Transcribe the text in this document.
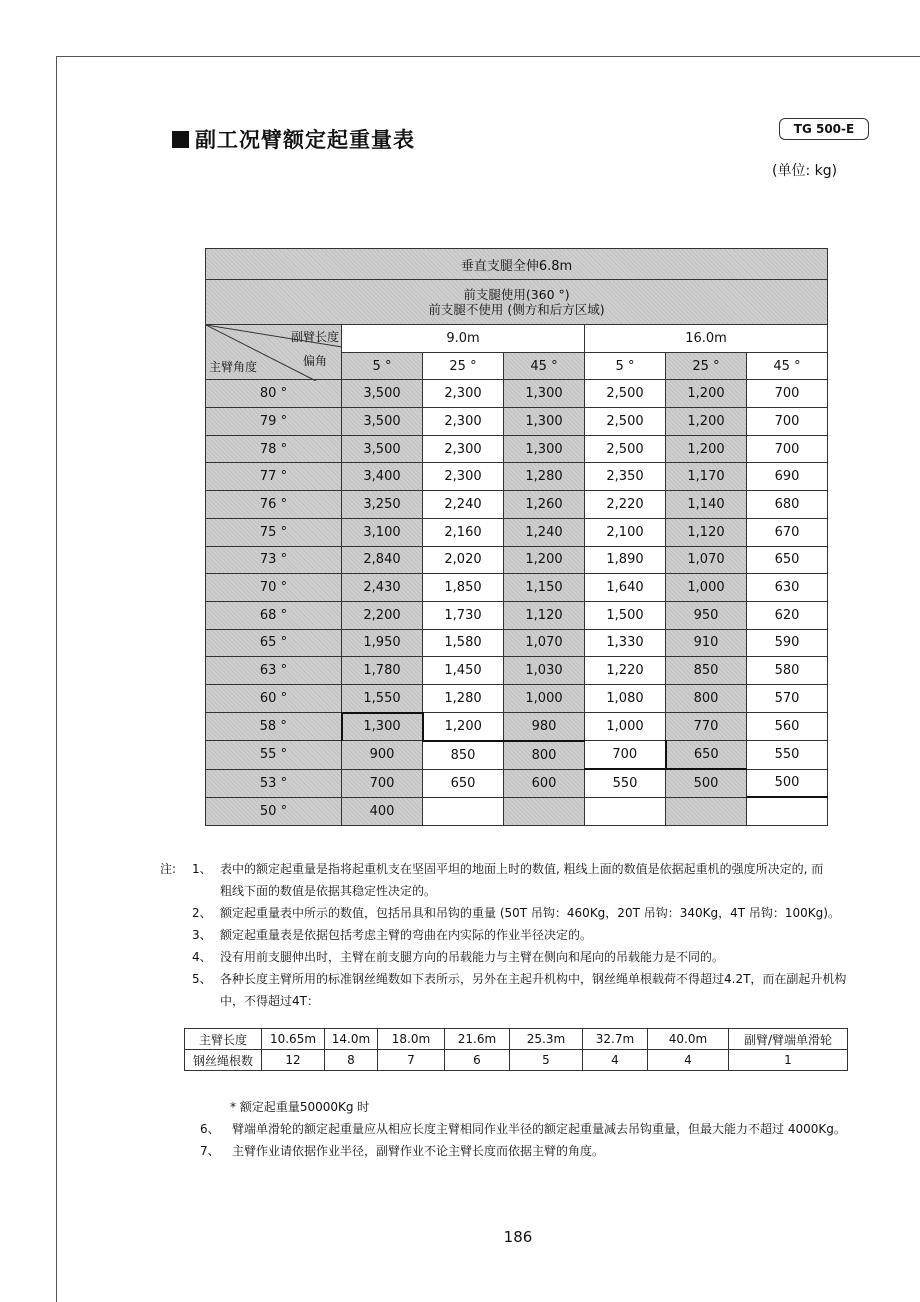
副工况臂额定起重量表	TG 500-E
(单位: kg)
垂直支腿全伸6.8m						

前支腿使用(360 °)
前支腿不使用 (侧方和后方区域)						

副臂长度
偏角
主臂角度	9.0m			16.0m		
	5 °	25 °	45 °	5 °	25 °	45 °
80 °	3,500	2,300	1,300	2,500	1,200	700
79 °	3,500	2,300	1,300	2,500	1,200	700
78 °	3,500	2,300	1,300	2,500	1,200	700
77 °	3,400	2,300	1,280	2,350	1,170	690
76 °	3,250	2,240	1,260	2,220	1,140	680
75 °	3,100	2,160	1,240	2,100	1,120	670
73 °	2,840	2,020	1,200	1,890	1,070	650
70 °	2,430	1,850	1,150	1,640	1,000	630
68 °	2,200	1,730	1,120	1,500	950	620
65 °	1,950	1,580	1,070	1,330	910	590
63 °	1,780	1,450	1,030	1,220	850	580
60 °	1,550	1,280	1,000	1,080	800	570
58 °	1,300	1,200	980	1,000	770	560
55 °	900	850	800	700	650	550
53 °	700	650	600	550	500	500
50 °	400					
注:	1、 表中的额定起重量是指将起重机支在坚固平坦的地面上时的数值, 粗线上面的数值是依据起重机的强度所决定的, 而
粗线下面的数值是依据其稳定性决定的。
2、 额定起重量表中所示的数值，包括吊具和吊钩的重量 (50T 吊钩：460Kg，20T 吊钩：340Kg，4T 吊钩：100Kg)。
3、 额定起重量表是依据包括考虑主臂的弯曲在内实际的作业半径决定的。
4、 没有用前支腿伸出时，主臂在前支腿方向的吊载能力与主臂在侧向和尾向的吊载能力是不同的。
5、 各种长度主臂所用的标准钢丝绳数如下表所示，另外在主起升机构中，钢丝绳单根载荷不得超过4.2T，而在副起升机构
中，不得超过4T：
主臂长度	10.65m	14.0m	18.0m	21.6m	25.3m	32.7m	40.0m	副臂/臂端单滑轮
钢丝绳根数	12	8	7	6	5	4	4	1
* 额定起重量50000Kg 时
6、	臂端单滑轮的额定起重量应从相应长度主臂相同作业半径的额定起重量减去吊钩重量，但最大能力不超过 4000Kg。
7、	主臂作业请依据作业半径，副臂作业不论主臂长度而依据主臂的角度。
186
